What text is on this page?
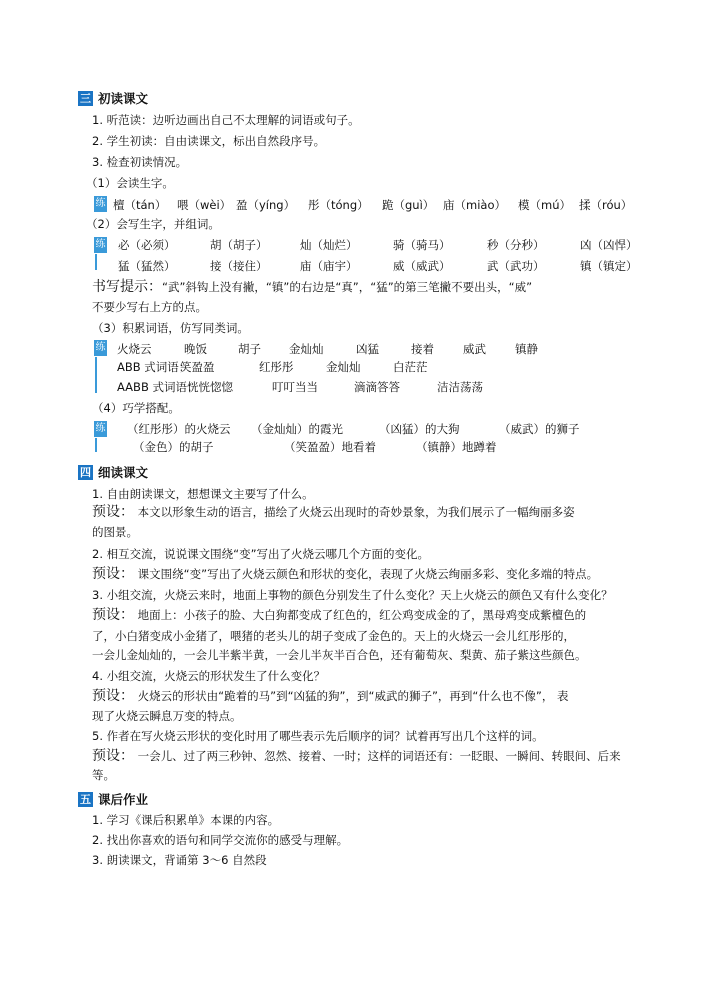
三 初读课文
1. 听范读：边听边画出自己不太理解的词语或句子。
2. 学生初读：自由读课文，标出自然段序号。
3. 检查初读情况。
（1）会读生字。
练 檀（tán） 喂（wèi） 盈（yíng）	彤（tóng）	跪（guì） 庙（miào）	模（mú） 揉（róu）
（2）会写生字，并组词。
练 必（必须）	胡（胡子）	灿（灿烂）	骑（骑马）	秒（分秒）	凶（凶悍）
猛（猛然）	接（接住）	庙（庙宇）	威（威武）	武（武功）	镇（镇定）
书写提示：“武”斜钩上没有撇，“镇”的右边是“真”，“猛”的第三笔撇不要出头，“威”
不要少写右上方的点。
（3）积累词语，仿写同类词。
练 火烧云	晚饭	胡子	金灿灿	凶猛	接着	威武	镇静
ABB 式词语：
笑盈盈	红彤彤	金灿灿	白茫茫
AABB 式词语：
恍恍惚惚	叮叮当当	滴滴答答	洁洁荡荡
（4）巧学搭配。
练 （红彤彤）的火烧云	（金灿灿）的霞光	（凶猛）的大狗	（威武）的狮子
（金色）的胡子	（笑盈盈）地看着	（镇静）地蹲着
四 细读课文
1. 自由朗读课文，想想课文主要写了什么。
预设： 本文以形象生动的语言，描绘了火烧云出现时的奇妙景象，为我们展示了一幅绚丽多姿
的图景。
2. 相互交流，说说课文围绕“变”写出了火烧云哪几个方面的变化。
预设： 课文围绕“变”写出了火烧云颜色和形状的变化，表现了火烧云绚丽多彩、变化多端的特点。
3. 小组交流，火烧云来时，地面上事物的颜色分别发生了什么变化？天上火烧云的颜色又有什么变化？
预设： 地面上：小孩子的脸、大白狗都变成了红色的，红公鸡变成金的了，黑母鸡变成紫檀色的
了，小白猪变成小金猪了，喂猪的老头儿的胡子变成了金色的。天上的火烧云一会儿红彤彤的，
一会儿金灿灿的，一会儿半紫半黄，一会儿半灰半百合色，还有葡萄灰、梨黄、茄子紫这些颜色。
4. 小组交流，火烧云的形状发生了什么变化？
预设： 火烧云的形状由“跪着的马”到“凶猛的狗”，到“威武的狮子”，再到“什么也不像”， 表
现了火烧云瞬息万变的特点。
5. 作者在写火烧云形状的变化时用了哪些表示先后顺序的词？试着再写出几个这样的词。
预设： 一会儿、过了两三秒钟、忽然、接着、一时；这样的词语还有：一眨眼、一瞬间、转眼间、后来
等。
五 课后作业
1. 学习《课后积累单》本课的内容。
2. 找出你喜欢的语句和同学交流你的感受与理解。
3. 朗读课文，背诵第 3～6 自然段
